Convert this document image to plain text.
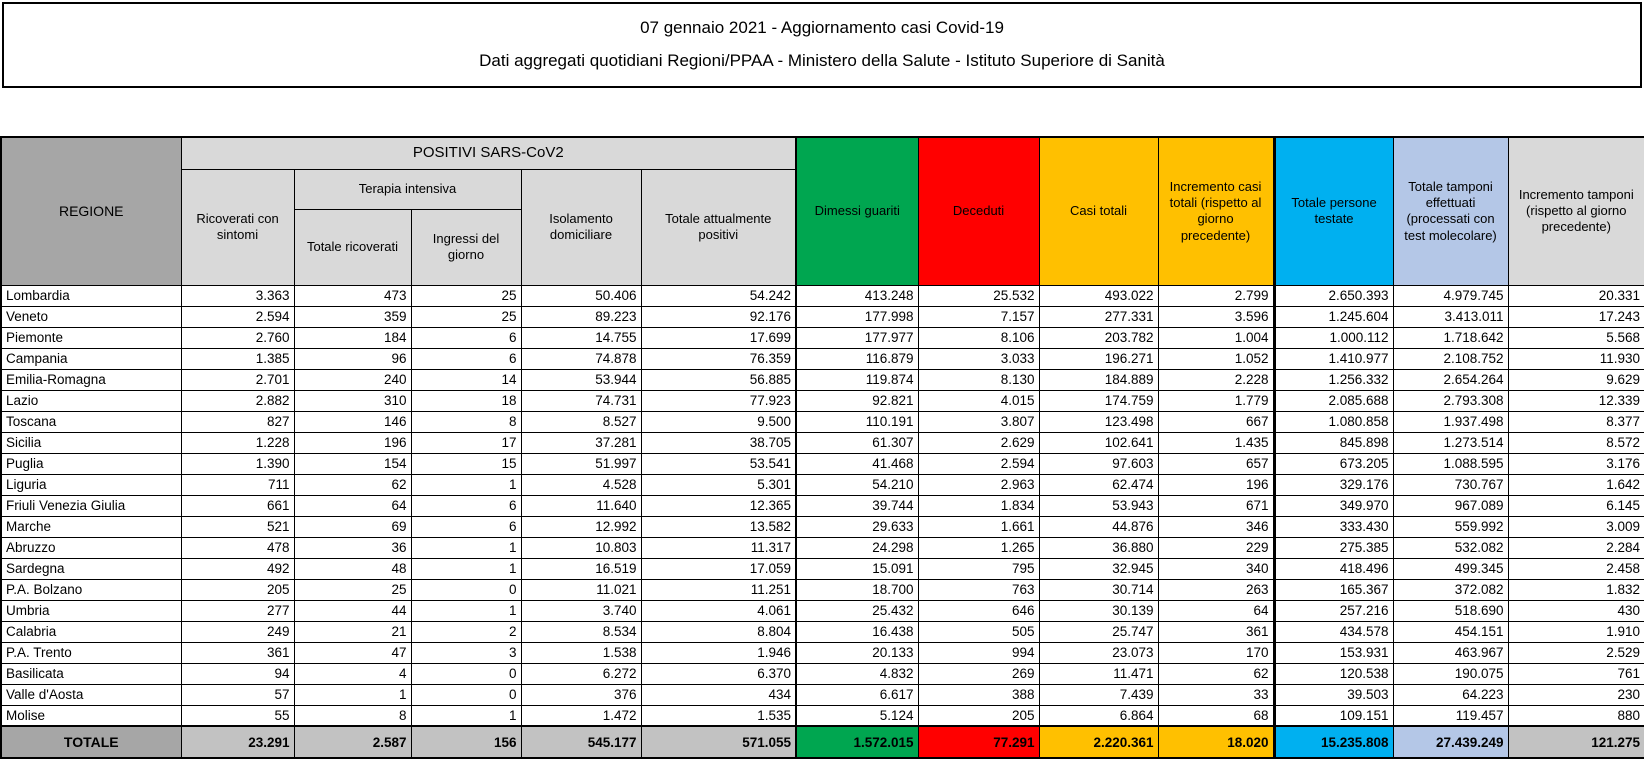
07 gennaio 2021 - Aggiornamento casi Covid-19
Dati aggregati quotidiani Regioni/PPAA - Ministero della Salute - Istituto Superiore di Sanità
REGIONE	POSITIVI SARS-CoV2					Dimessi guariti	Deceduti	Casi totali	Incremento casi totali (rispetto al giorno precedente)	Totale persone testate	Totale tamponi effettuati (processati con test molecolare)	Incremento tamponi (rispetto al giorno precedente)
	Ricoverati con sintomi	Terapia intensiva		Isolamento domiciliare	Totale attualmente positivi							
		Totale ricoverati	Ingressi del giorno									
Lombardia	3.363	473	25	50.406	54.242	413.248	25.532	493.022	2.799	2.650.393	4.979.745	20.331
Veneto	2.594	359	25	89.223	92.176	177.998	7.157	277.331	3.596	1.245.604	3.413.011	17.243
Piemonte	2.760	184	6	14.755	17.699	177.977	8.106	203.782	1.004	1.000.112	1.718.642	5.568
Campania	1.385	96	6	74.878	76.359	116.879	3.033	196.271	1.052	1.410.977	2.108.752	11.930
Emilia-Romagna	2.701	240	14	53.944	56.885	119.874	8.130	184.889	2.228	1.256.332	2.654.264	9.629
Lazio	2.882	310	18	74.731	77.923	92.821	4.015	174.759	1.779	2.085.688	2.793.308	12.339
Toscana	827	146	8	8.527	9.500	110.191	3.807	123.498	667	1.080.858	1.937.498	8.377
Sicilia	1.228	196	17	37.281	38.705	61.307	2.629	102.641	1.435	845.898	1.273.514	8.572
Puglia	1.390	154	15	51.997	53.541	41.468	2.594	97.603	657	673.205	1.088.595	3.176
Liguria	711	62	1	4.528	5.301	54.210	2.963	62.474	196	329.176	730.767	1.642
Friuli Venezia Giulia	661	64	6	11.640	12.365	39.744	1.834	53.943	671	349.970	967.089	6.145
Marche	521	69	6	12.992	13.582	29.633	1.661	44.876	346	333.430	559.992	3.009
Abruzzo	478	36	1	10.803	11.317	24.298	1.265	36.880	229	275.385	532.082	2.284
Sardegna	492	48	1	16.519	17.059	15.091	795	32.945	340	418.496	499.345	2.458
P.A. Bolzano	205	25	0	11.021	11.251	18.700	763	30.714	263	165.367	372.082	1.832
Umbria	277	44	1	3.740	4.061	25.432	646	30.139	64	257.216	518.690	430
Calabria	249	21	2	8.534	8.804	16.438	505	25.747	361	434.578	454.151	1.910
P.A. Trento	361	47	3	1.538	1.946	20.133	994	23.073	170	153.931	463.967	2.529
Basilicata	94	4	0	6.272	6.370	4.832	269	11.471	62	120.538	190.075	761
Valle d'Aosta	57	1	0	376	434	6.617	388	7.439	33	39.503	64.223	230
Molise	55	8	1	1.472	1.535	5.124	205	6.864	68	109.151	119.457	880
TOTALE	23.291	2.587	156	545.177	571.055	1.572.015	77.291	2.220.361	18.020	15.235.808	27.439.249	121.275
